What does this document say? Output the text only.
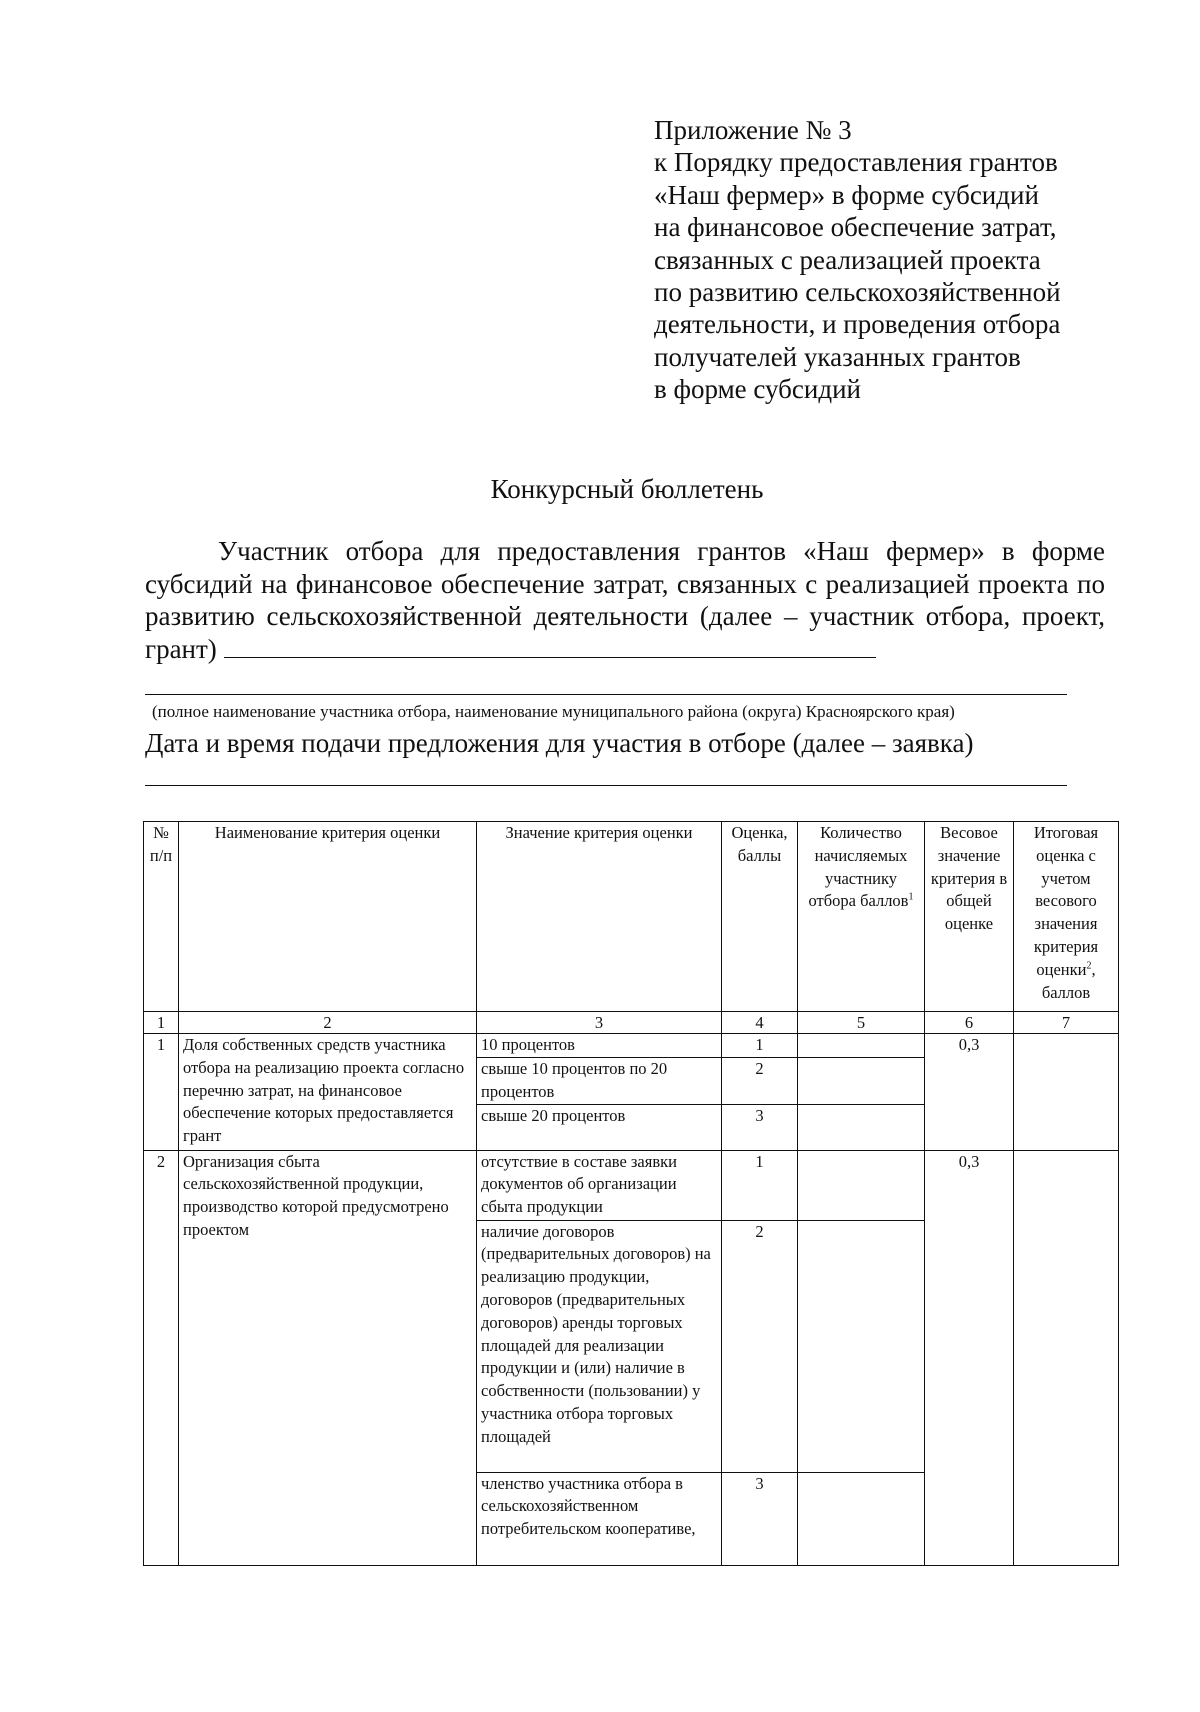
Приложение № 3
к Порядку предоставления грантов
«Наш фермер» в форме субсидий
на финансовое обеспечение затрат,
связанных с реализацией проекта
по развитию сельскохозяйственной
деятельности, и проведения отбора
получателей указанных грантов
в форме субсидий
Конкурсный бюллетень

Участник отбора для предоставления грантов «Наш фермер» в форме субсидий на финансовое обеспечение затрат, связанных с реализацией проекта по развитию сельскохозяйственной деятельности (далее – участник отбора, проект, грант)

(полное наименование участника отбора, наименование муниципального района (округа) Красноярского края)
Дата и время подачи предложения для участия в отборе (далее – заявка)
№ п/п	Наименование критерия оценки	Значение критерия оценки	Оценка, баллы	Количество начисляемых участнику отбора баллов$^1$	Весовое значение критерия в общей оценке	Итоговая оценка с учетом весового значения критерия оценки$^2$, баллов
1	2	3	4	5	6	7
1	Доля собственных средств участника отбора на реализацию проекта согласно перечню затрат, на финансовое обеспечение которых предоставляется грант	10 процентов	1		0,3	
		свыше 10 процентов по 20 процентов	2			
		свыше 20 процентов	3			
2	Организация сбыта сельскохозяйственной продукции, производство которой предусмотрено проектом	отсутствие в составе заявки документов об организации сбыта продукции	1		0,3	
		наличие договоров (предварительных договоров) на реализацию продукции, договоров (предварительных договоров) аренды торговых площадей для реализации продукции и (или) наличие в собственности (пользовании) у участника отбора торговых площадей	2			
		членство участника отбора в сельскохозяйственном потребительском кооперативе,	3			
